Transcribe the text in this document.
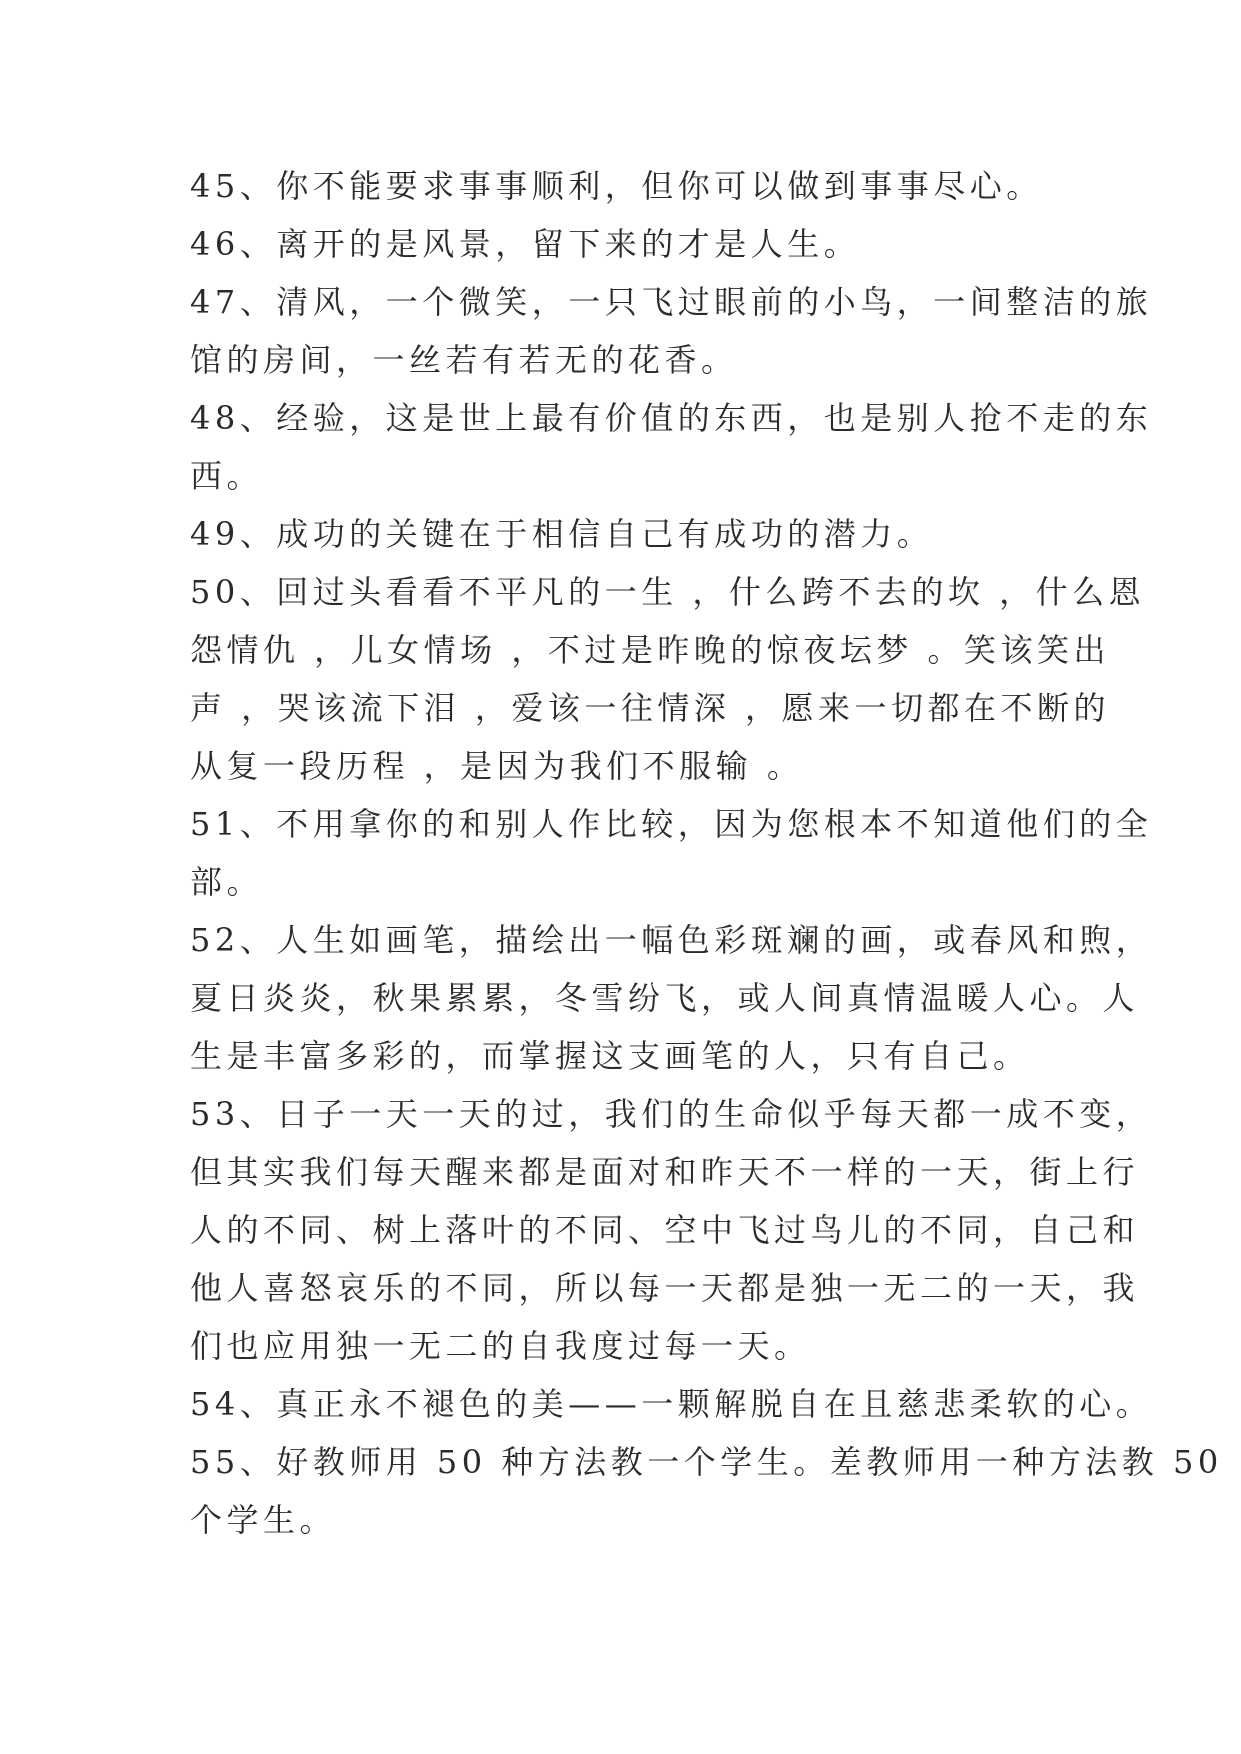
45、你不能要求事事顺利，但你可以做到事事尽心。

46、离开的是风景，留下来的才是人生。

47、清风，一个微笑，一只飞过眼前的小鸟，一间整洁的旅

馆的房间，一丝若有若无的花香。

48、经验，这是世上最有价值的东西，也是别人抢不走的东

西。

49、成功的关键在于相信自己有成功的潜力。

50、回过头看看不平凡的一生 ，什么跨不去的坎 ，什么恩

怨情仇 ，儿女情场 ，不过是昨晚的惊夜坛梦 。笑该笑出

声 ，哭该流下泪 ，爱该一往情深 ，愿来一切都在不断的

从复一段历程 ，是因为我们不服输 。

51、不用拿你的和别人作比较，因为您根本不知道他们的全

部。

52、人生如画笔，描绘出一幅色彩斑斓的画，或春风和煦，

夏日炎炎，秋果累累，冬雪纷飞，或人间真情温暖人心。人

生是丰富多彩的，而掌握这支画笔的人，只有自己。

53、日子一天一天的过，我们的生命似乎每天都一成不变，

但其实我们每天醒来都是面对和昨天不一样的一天，街上行

人的不同、树上落叶的不同、空中飞过鸟儿的不同，自己和

他人喜怒哀乐的不同，所以每一天都是独一无二的一天，我

们也应用独一无二的自我度过每一天。

54、真正永不褪色的美——一颗解脱自在且慈悲柔软的心。

55、好教师用 50 种方法教一个学生。差教师用一种方法教 50

个学生。
